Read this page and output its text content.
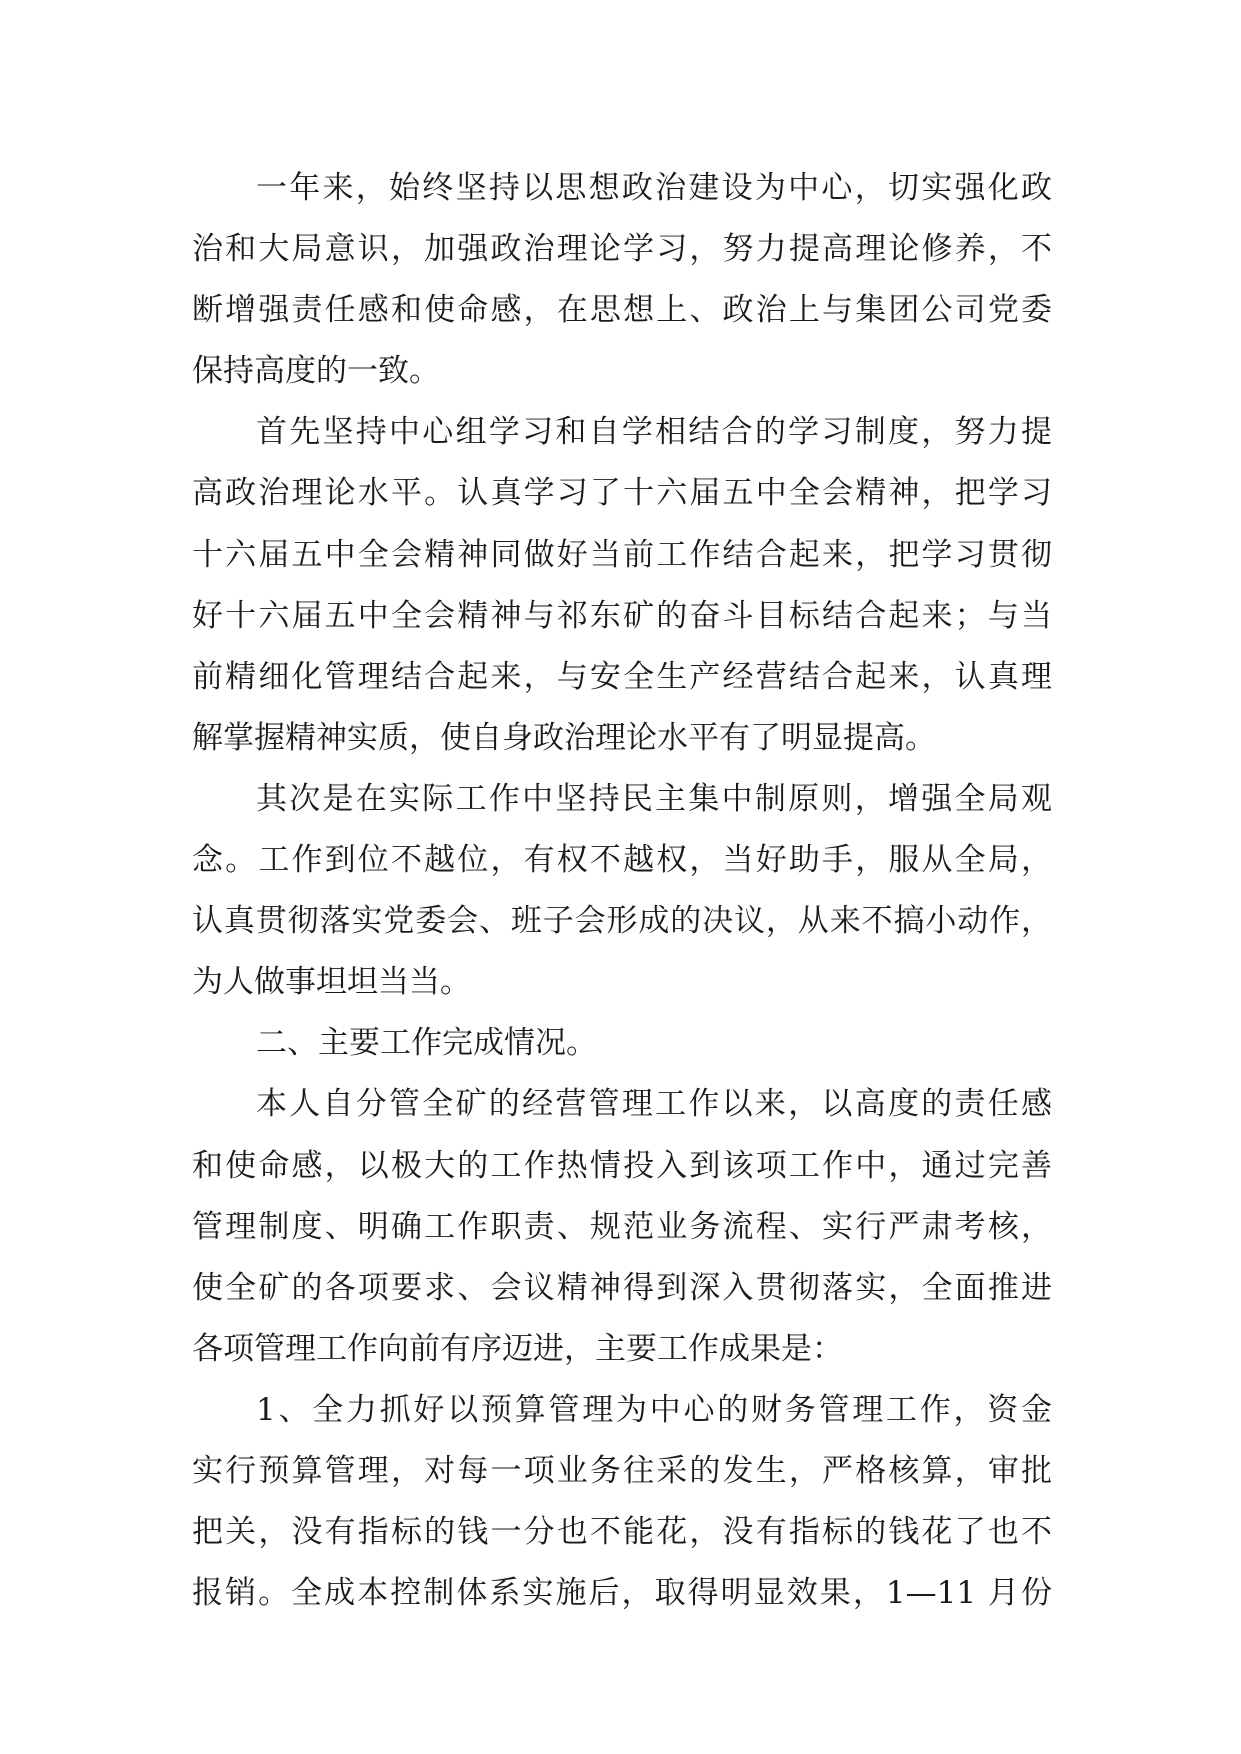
一年来，始终坚持以思想政治建设为中心，切实强化政
治和大局意识，加强政治理论学习，努力提高理论修养，不
断增强责任感和使命感，在思想上、政治上与集团公司党委
保持高度的一致。
首先坚持中心组学习和自学相结合的学习制度，努力提
高政治理论水平。认真学习了十六届五中全会精神，把学习
十六届五中全会精神同做好当前工作结合起来，把学习贯彻
好十六届五中全会精神与祁东矿的奋斗目标结合起来；与当
前精细化管理结合起来，与安全生产经营结合起来，认真理
解掌握精神实质，使自身政治理论水平有了明显提高。
其次是在实际工作中坚持民主集中制原则，增强全局观
念。工作到位不越位，有权不越权，当好助手，服从全局，
认真贯彻落实党委会、班子会形成的决议，从来不搞小动作，
为人做事坦坦当当。
二、主要工作完成情况。
本人自分管全矿的经营管理工作以来，以高度的责任感
和使命感，以极大的工作热情投入到该项工作中，通过完善
管理制度、明确工作职责、规范业务流程、实行严肃考核，
使全矿的各项要求、会议精神得到深入贯彻落实，全面推进
各项管理工作向前有序迈进，主要工作成果是：
1、全力抓好以预算管理为中心的财务管理工作，资金
实行预算管理，对每一项业务往采的发生，严格核算，审批
把关，没有指标的钱一分也不能花，没有指标的钱花了也不
报销。全成本控制体系实施后，取得明显效果，1—11 月份
